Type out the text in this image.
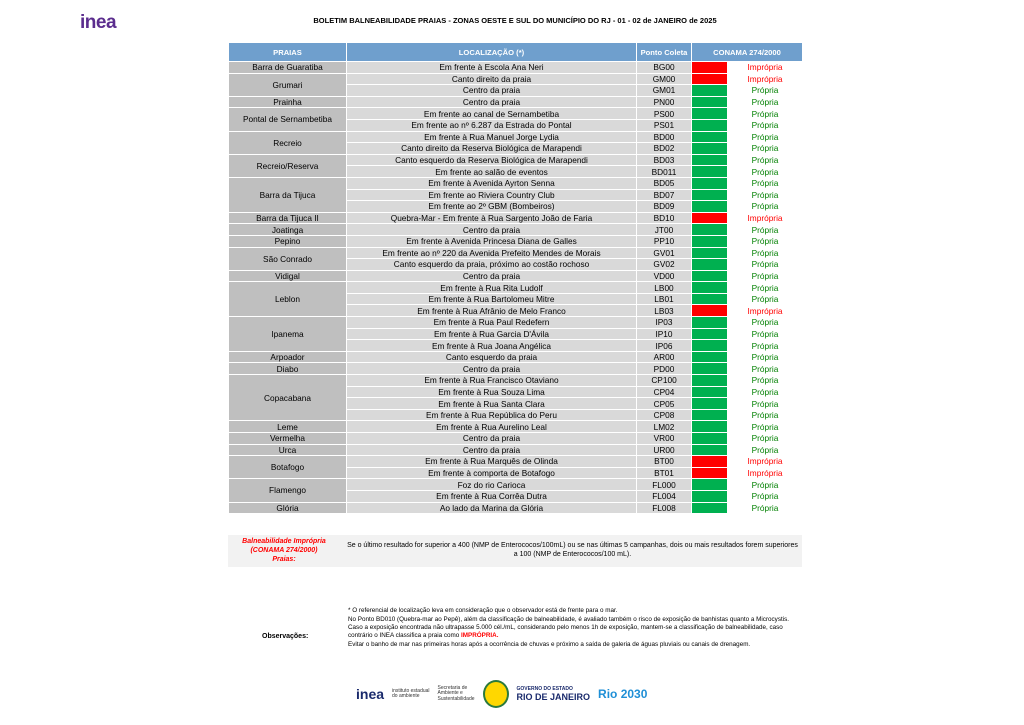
inea	BOLETIM BALNEABILIDADE PRAIAS - ZONAS OESTE E SUL DO MUNICÍPIO DO RJ - 01 - 02 de JANEIRO de 2025
PRAIAS	LOCALIZAÇÃO (*)	Ponto Coleta	CONAMA 274/2000	
Barra de Guaratiba	Em frente à Escola Ana Neri	BG00		Imprópria
Grumari	Canto direito da praia	GM00		Imprópria
	Centro da praia	GM01		Própria
Prainha	Centro da praia	PN00		Própria
Pontal de Sernambetiba	Em frente ao canal de Sernambetiba	PS00		Própria
	Em frente ao nº 6.287 da Estrada do Pontal	PS01		Própria
Recreio	Em frente à Rua Manuel Jorge Lydia	BD00		Própria
	Canto direito da Reserva Biológica de Marapendi	BD02		Própria
Recreio/Reserva	Canto esquerdo da Reserva Biológica de Marapendi	BD03		Própria
	Em frente ao salão de eventos	BD011		Própria
Barra da Tijuca	Em frente à Avenida Ayrton Senna	BD05		Própria
	Em frente ao Riviera Country Club	BD07		Própria
	Em frente ao 2º GBM (Bombeiros)	BD09		Própria
Barra da Tijuca II	Quebra-Mar - Em frente à Rua Sargento João de Faria	BD10		Imprópria
Joatinga	Centro da praia	JT00		Própria
Pepino	Em frente à Avenida Princesa Diana de Galles	PP10		Própria
São Conrado	Em frente ao nº 220 da Avenida Prefeito Mendes de Morais	GV01		Própria
	Canto esquerdo da praia, próximo ao costão rochoso	GV02		Própria
Vidigal	Centro da praia	VD00		Própria
Leblon	Em frente à Rua Rita Ludolf	LB00		Própria
	Em frente à Rua Bartolomeu Mitre	LB01		Própria
	Em frente à Rua Afrânio de Melo Franco	LB03		Imprópria
Ipanema	Em frente à Rua Paul Redefern	IP03		Própria
	Em frente à Rua Garcia D'Ávila	IP10		Própria
	Em frente à Rua Joana Angélica	IP06		Própria
Arpoador	Canto esquerdo da praia	AR00		Própria
Diabo	Centro da praia	PD00		Própria
Copacabana	Em frente à Rua Francisco Otaviano	CP100		Própria
	Em frente à Rua Souza Lima	CP04		Própria
	Em frente à Rua Santa Clara	CP05		Própria
	Em frente à Rua República do Peru	CP08		Própria
Leme	Em frente à Rua Aurelino Leal	LM02		Própria
Vermelha	Centro da praia	VR00		Própria
Urca	Centro da praia	UR00		Própria
Botafogo	Em frente à Rua Marquês de Olinda	BT00		Imprópria
	Em frente à comporta de Botafogo	BT01		Imprópria
Flamengo	Foz do rio Carioca	FL000		Própria
	Em frente à Rua Corrêa Dutra	FL004		Própria
Glória	Ao lado da Marina da Glória	FL008		Própria
Balneabilidade Imprópria
(CONAMA 274/2000)
Praias:
Se o último resultado for superior a 400 (NMP de Enterococos/100mL) ou se nas últimas 5 campanhas, dois ou mais resultados forem superiores a 100 (NMP de Enterococos/100 mL).
Observações:

* O referencial de localização leva em consideração que o observador está de frente para o mar.

No Ponto BD010 (Quebra-mar ao Pepê), além da classificação de balneabilidade, é avaliado também o risco de exposição de banhistas quanto a Microcystis. Caso a exposição encontrada não ultrapasse 5.000 cél./mL, considerando pelo menos 1h de exposição, mantem-se a classificação de balneabilidade, caso contrário o INEA classifica a praia como IMPRÓPRIA.

Evitar o banho de mar nas primeiras horas após a ocorrência de chuvas e próximo a saída de galeria de águas pluviais ou canais de drenagem.

inea instituto estadual
do ambiente
Secretaria de
Ambiente e
Sustentabilidade
GOVERNO DO ESTADO
RIO DE JANEIRO Rio 2030
